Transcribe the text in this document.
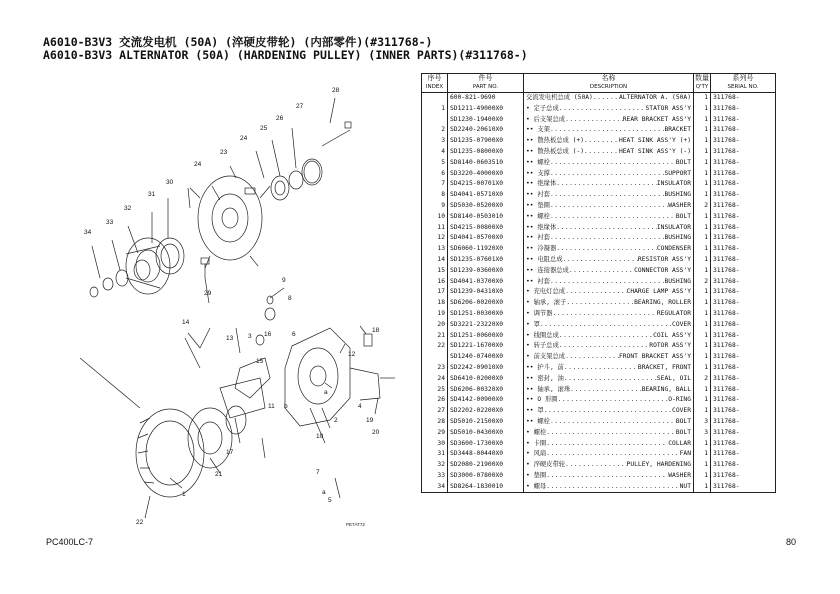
A6010-B3V3 交流发电机 (50A) (淬硬皮带轮) (内部零件)(#311768-)
A6010-B3V3 ALTERNATOR (50A) (HARDENING PULLEY) (INNER PARTS)(#311768-)
28
27
26
25
24
23
24
30
31
32
33
34
29
9
8
14
13 3 16
15
6
18
12
a
2
4
19
20
11 b
17
10
21
1
22
7
5
a
PE7AT72
序号	件号	名称	数量	系列号
INDEX	PART NO.	DESCRIPTION	Q'TY	SERIAL NO.
	600-821-9690	交流发电机总成 (50A) ..... ALTERNATOR A. (50A)	1	311768-
1	SD1211-49000X0	• 定子总成 ..... STATOR ASS'Y	1	311768-
	SD1230-19400X0	• 后支架总成 ..... REAR BRACKET ASS'Y	1	311768-
2	SD2240-20610X0	•• 支架 ..... BRACKET	1	311768-
3	SD1235-07900X0	•• 散热板总成 (+) ..... HEAT SINK ASS'Y (+)	1	311768-
4	SD1235-08000X0	•• 散热板总成 (-) ..... HEAT SINK ASS'Y (-)	1	311768-
5	SD8140-0603510	•• 螺栓 ..... BOLT	1	311768-
6	SD3220-40000X0	•• 支撑 ..... SUPPORT	1	311768-
7	SD4215-00701X0	•• 绝缘体 ..... INSULATOR	1	311768-
8	SD4041-05710X0	•• 衬套 ..... BUSHING	1	311768-
9	SD5030-05200X0	•• 垫圈 ..... WASHER	2	311768-
10	SD8140-0503010	•• 螺栓 ..... BOLT	1	311768-
11	SD4215-00800X0	•• 绝缘体 ..... INSULATOR	1	311768-
12	SD4041-05700X0	•• 衬套 ..... BUSHING	1	311768-
13	SD6060-11920X0	•• 冷凝器 ..... CONDENSER	1	311768-
14	SD1235-07601X0	•• 电阻总成 ..... RESISTOR ASS'Y	1	311768-
15	SD1239-03600X0	•• 连接器总成 ..... CONNECTOR ASS'Y	1	311768-
16	SD4041-03700X0	•• 衬套 ..... BUSHING	2	311768-
17	SD1239-04310X0	• 充电灯总成 ..... CHARGE LAMP ASS'Y	1	311768-
18	SD6206-00200X0	• 轴承, 滚子 ..... BEARING, ROLLER	1	311768-
19	SD1251-00300X0	• 调节器 ..... REGULATOR	1	311768-
20	SD3221-23220X0	• 罩 ..... COVER	1	311768-
21	SD1251-00600X0	• 线圈总成 ..... COIL ASS'Y	1	311768-
22	SD1221-16700X0	• 转子总成 ..... ROTOR ASS'Y	1	311768-
	SD1240-07400X0	• 前支架总成 ..... FRONT BRACKET ASS'Y	1	311768-
23	SD2242-09010X0	•• 护斗, 前 ..... BRACKET, FRONT	1	311768-
24	SD6410-02000X0	•• 密封, 油 ..... SEAL, OIL	2	311768-
25	SD6206-00320X0	•• 轴承, 滚珠 ..... BEARING, BALL	1	311768-
26	SD4142-00900X0	•• O 形圈 ..... O-RING	1	311768-
27	SD2202-02200X0	•• 罩 ..... COVER	1	311768-
28	SD5010-21500X0	•• 螺栓 ..... BOLT	3	311768-
29	SD5010-04300X0	• 螺栓 ..... BOLT	3	311768-
30	SD3600-17300X0	• 卡圈 ..... COLLAR	1	311768-
31	SD3448-00440X0	• 风扇 ..... FAN	1	311768-
32	SD2080-21900X0	• 淬硬皮带轮 ..... PULLEY, HARDENING	1	311768-
33	SD3000-07800X0	• 垫圈 ..... WASHER	1	311768-
34	SD8264-1830010	• 螺母 ..... NUT	1	311768-
PC400LC-7	80
